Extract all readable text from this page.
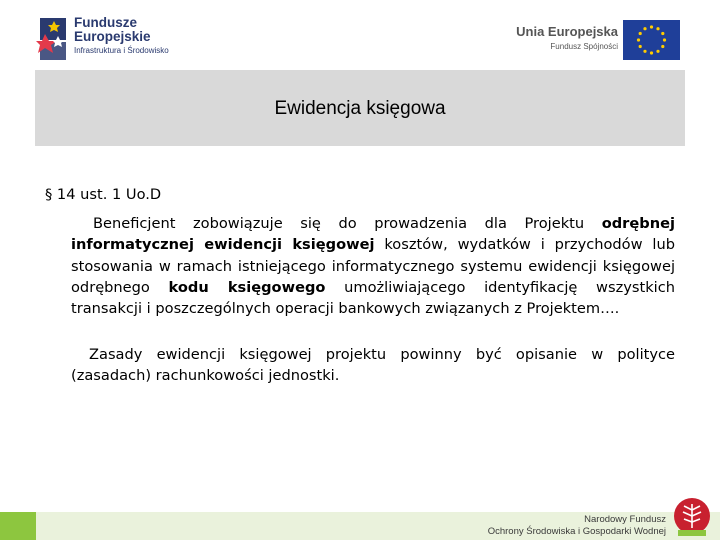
Fundusze
Europejskie
Infrastruktura i Środowisko
Unia Europejska
Fundusz Spójności
Ewidencja księgowa
§ 14 ust. 1 Uo.D
Beneficjent zobowiązuje się do prowadzenia dla Projektu odrębnej informatycznej ewidencji księgowej kosztów, wydatków i przychodów lub stosowania w ramach istniejącego informatycznego systemu ewidencji księgowej odrębnego kodu księgowego umożliwiającego identyfikację wszystkich transakcji i poszczególnych operacji bankowych związanych z Projektem….
Zasady ewidencji księgowej projektu powinny być opisanie w polityce (zasadach) rachunkowości jednostki.
Narodowy Fundusz
Ochrony Środowiska i Gospodarki Wodnej
